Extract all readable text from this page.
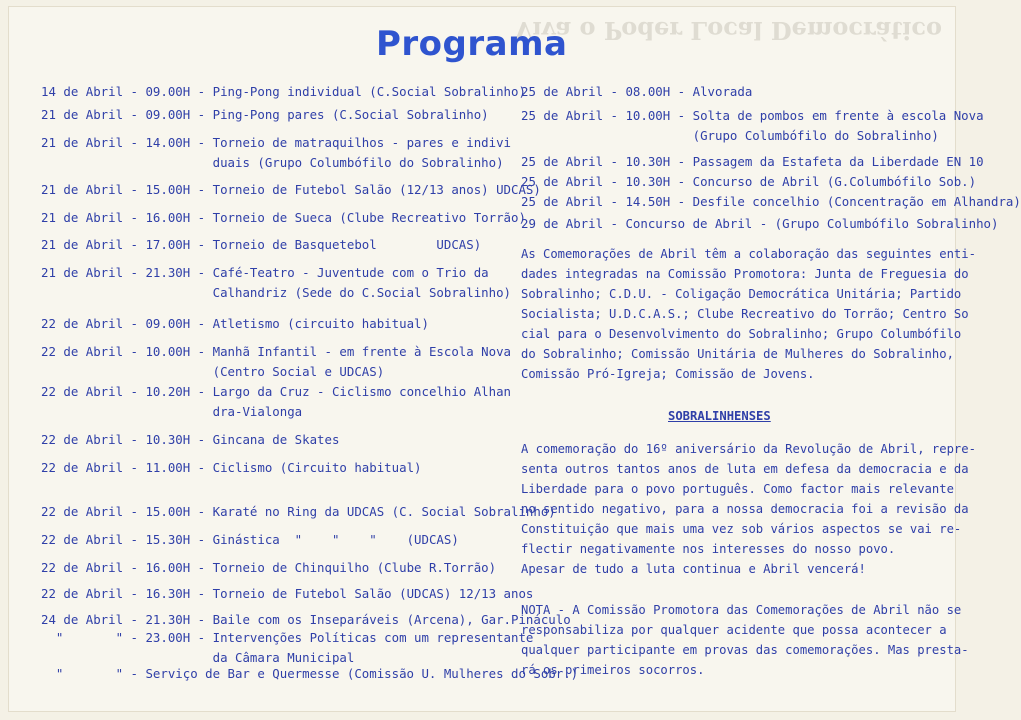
Viva o Poder Local Democrático
Programa
14 de Abril - 09.00H - Ping-Pong individual (C.Social Sobralinho)
21 de Abril - 09.00H - Ping-Pong pares (C.Social Sobralinho)
21 de Abril - 14.00H - Torneio de matraquilhos - pares e indivi
duais (Grupo Columbófilo do Sobralinho)
21 de Abril - 15.00H - Torneio de Futebol Salão (12/13 anos) UDCAS)
21 de Abril - 16.00H - Torneio de Sueca (Clube Recreativo Torrão)
21 de Abril - 17.00H - Torneio de Basquetebol        UDCAS)
21 de Abril - 21.30H - Café-Teatro - Juventude com o Trio da
Calhandriz (Sede do C.Social Sobralinho)
22 de Abril - 09.00H - Atletismo (circuito habitual)
22 de Abril - 10.00H - Manhã Infantil - em frente à Escola Nova
(Centro Social e UDCAS)
22 de Abril - 10.20H - Largo da Cruz - Ciclismo concelhio Alhan
dra-Vialonga
22 de Abril - 10.30H - Gincana de Skates
22 de Abril - 11.00H - Ciclismo (Circuito habitual)
22 de Abril - 15.00H - Karaté no Ring da UDCAS (C. Social Sobralinho)
22 de Abril - 15.30H - Ginástica  "    "    "    (UDCAS)
22 de Abril - 16.00H - Torneio de Chinquilho (Clube R.Torrão)
22 de Abril - 16.30H - Torneio de Futebol Salão (UDCAS) 12/13 anos
24 de Abril - 21.30H - Baile com os Inseparáveis (Arcena), Gar.Pináculo
"       " - 23.00H - Intervenções Políticas com um representante
da Câmara Municipal
"       " - Serviço de Bar e Quermesse (Comissão U. Mulheres do Sobr.)
25 de Abril - 08.00H - Alvorada
25 de Abril - 10.00H - Solta de pombos em frente à escola Nova
(Grupo Columbófilo do Sobralinho)
25 de Abril - 10.30H - Passagem da Estafeta da Liberdade EN 10
25 de Abril - 10.30H - Concurso de Abril (G.Columbófilo Sob.)
25 de Abril - 14.50H - Desfile concelhio (Concentração em Alhandra)
29 de Abril - Concurso de Abril - (Grupo Columbófilo Sobralinho)
As Comemorações de Abril têm a colaboração das seguintes enti-
dades integradas na Comissão Promotora: Junta de Freguesia do
Sobralinho; C.D.U. - Coligação Democrática Unitária; Partido
Socialista; U.D.C.A.S.; Clube Recreativo do Torrão; Centro So
cial para o Desenvolvimento do Sobralinho; Grupo Columbófilo
do Sobralinho; Comissão Unitária de Mulheres do Sobralinho,
Comissão Pró-Igreja; Comissão de Jovens.
SOBRALINHENSES
A comemoração do 16º aniversário da Revolução de Abril, repre-
senta outros tantos anos de luta em defesa da democracia e da
Liberdade para o povo português. Como factor mais relevante
no sentido negativo, para a nossa democracia foi a revisão da
Constituição que mais uma vez sob vários aspectos se vai re-
flectir negativamente nos interesses do nosso povo.
Apesar de tudo a luta continua e Abril vencerá!
NOTA - A Comissão Promotora das Comemorações de Abril não se
responsabiliza por qualquer acidente que possa acontecer a
qualquer participante em provas das comemorações. Mas presta-
rá os primeiros socorros.
